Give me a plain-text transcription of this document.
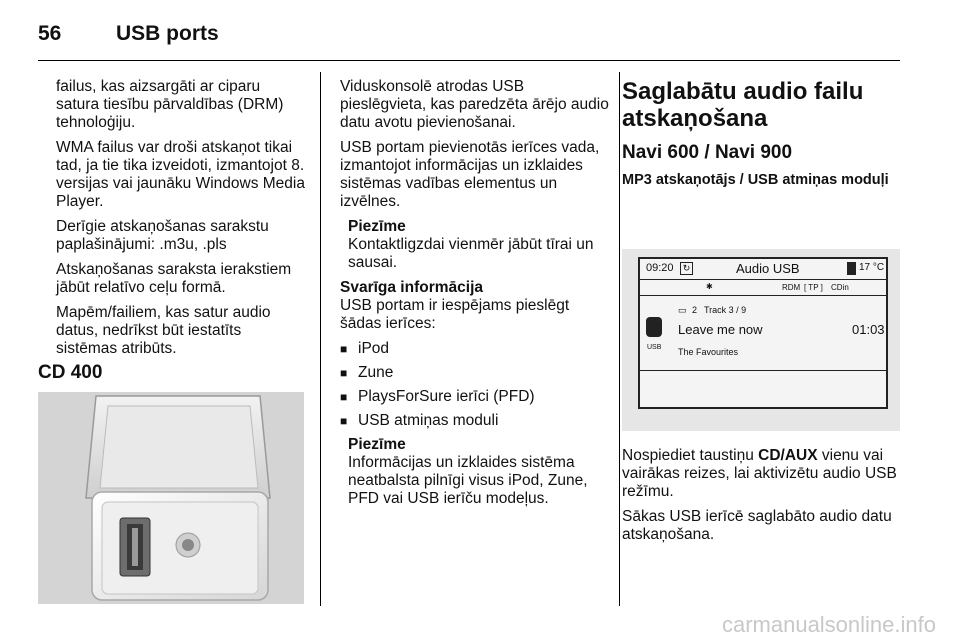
56	USB ports

failus, kas aizsargāti ar ciparu satura tiesību pārvaldības (DRM) tehnoloģiju.

WMA failus var droši atskaņot tikai tad, ja tie tika izveidoti, izmantojot 8. versijas vai jaunāku Windows Media Player.

Derīgie atskaņošanas sarakstu paplašinājumi: .m3u, .pls

Atskaņošanas saraksta ierakstiem jābūt relatīvo ceļu formā.

Mapēm/failiem, kas satur audio datus, nedrīkst būt iestatīts sistēmas atribūts.

CD 400

Viduskonsolē atrodas USB pieslēgvieta, kas paredzēta ārējo audio datu avotu pievienošanai.

USB portam pievienotās ierīces vada, izmantojot informācijas un izklaides sistēmas vadības elementus un izvēlnes.

Piezīme
Kontaktligzdai vienmēr jābūt tīrai un sausai.
Svarīga informācija

USB portam ir iespējams pieslēgt šādas ierīces:

■ iPod
■ Zune
■ PlaysForSure ierīci (PFD)
■ USB atmiņas moduli
Piezīme
Informācijas un izklaides sistēma neatbalsta pilnīgi visus iPod, Zune, PFD vai USB ierīču modeļus.
Saglabātu audio failu atskaņošana
Navi 600 / Navi 900
MP3 atskaņotājs / USB atmiņas moduļi
09:20	↻	Audio USB	17 °C
✱	RDM [ TP ] CDin
▭ 2 Track 3 / 9
Leave me now	01:03
USB The Favourites

Nospiediet taustiņu CD/AUX vienu vai vairākas reizes, lai aktivizētu audio USB režīmu.

Sākas USB ierīcē saglabāto audio datu atskaņošana.

carmanualsonline.info
